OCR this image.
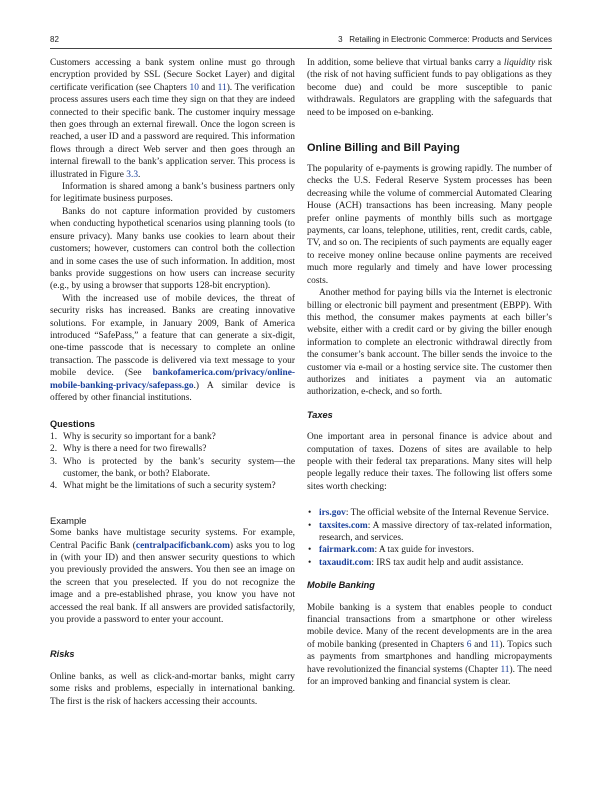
82	3   Retailing in Electronic Commerce: Products and Services

Customers accessing a bank system online must go through encryption provided by SSL (Secure Socket Layer) and digital certificate verification (see Chapters 10 and 11). The verification process assures users each time they sign on that they are indeed connected to their specific bank. The customer inquiry message then goes through an external firewall. Once the logon screen is reached, a user ID and a password are required. This information flows through a direct Web server and then goes through an internal firewall to the bank’s application server. This process is illustrated in Figure 3.3.

Information is shared among a bank’s business partners only for legitimate business purposes.

Banks do not capture information provided by customers when conducting hypothetical scenarios using planning tools (to ensure privacy). Many banks use cookies to learn about their customers; however, customers can control both the collection and in some cases the use of such information. In addition, most banks provide suggestions on how users can increase security (e.g., by using a browser that supports 128-bit encryption).

With the increased use of mobile devices, the threat of security risks has increased. Banks are creating innovative solutions. For example, in January 2009, Bank of America introduced “SafePass,” a feature that can generate a six-digit, one-time passcode that is necessary to complete an online transaction. The passcode is delivered via text message to your mobile device. (See bankofamerica.com/privacy/online-mobile-banking-privacy/safepass.go.) A similar device is offered by other financial institutions.

Questions
1. Why is security so important for a bank?
2. Why is there a need for two firewalls?
3. Who is protected by the bank’s security system—the customer, the bank, or both? Elaborate.
4. What might be the limitations of such a security system?
Example

Some banks have multistage security systems. For example, Central Pacific Bank (centralpacificbank.com) asks you to log in (with your ID) and then answer security questions to which you previously provided the answers. You then see an image on the screen that you preselected. If you do not recognize the image and a pre-established phrase, you know you have not accessed the real bank. If all answers are provided satisfactorily, you provide a password to enter your account.

Risks

Online banks, as well as click-and-mortar banks, might carry some risks and problems, especially in international banking. The first is the risk of hackers accessing their accounts.

In addition, some believe that virtual banks carry a liquidity risk (the risk of not having sufficient funds to pay obligations as they become due) and could be more susceptible to panic withdrawals. Regulators are grappling with the safeguards that need to be imposed on e-banking.

Online Billing and Bill Paying

The popularity of e-payments is growing rapidly. The number of checks the U.S. Federal Reserve System processes has been decreasing while the volume of commercial Automated Clearing House (ACH) transactions has been increasing. Many people prefer online payments of monthly bills such as mortgage payments, car loans, telephone, utilities, rent, credit cards, cable, TV, and so on. The recipients of such payments are equally eager to receive money online because online payments are received much more regularly and timely and have lower processing costs.

Another method for paying bills via the Internet is electronic billing or electronic bill payment and presentment (EBPP). With this method, the consumer makes payments at each biller’s website, either with a credit card or by giving the biller enough information to complete an electronic withdrawal directly from the consumer’s bank account. The biller sends the invoice to the customer via e-mail or a hosting service site. The customer then authorizes and initiates a payment via an automatic authorization, e-check, and so forth.

Taxes

One important area in personal finance is advice about and computation of taxes. Dozens of sites are available to help people with their federal tax preparations. Many sites will help people legally reduce their taxes. The following list offers some sites worth checking:

• irs.gov: The official website of the Internal Revenue Service.
• taxsites.com: A massive directory of tax-related information, research, and services.
• fairmark.com: A tax guide for investors.
• taxaudit.com: IRS tax audit help and audit assistance.
Mobile Banking

Mobile banking is a system that enables people to conduct financial transactions from a smartphone or other wireless mobile device. Many of the recent developments are in the area of mobile banking (presented in Chapters 6 and 11). Topics such as payments from smartphones and handling micropayments have revolutionized the financial systems (Chapter 11). The need for an improved banking and financial system is clear.
